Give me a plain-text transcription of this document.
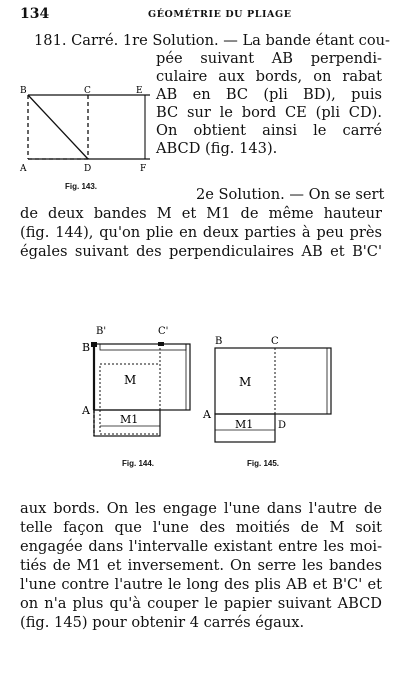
134	GÉOMÉTRIE DU PLIAGE
181. Carré. 1re Solution. — La bande étant cou-
pée suivant AB perpendi-
culaire aux bords, on rabat
AB en BC (pli BD), puis
BC sur le bord CE (pli CD).
On obtient ainsi le carré
ABCD (fig. 143).
B	C	E
A	D	F
Fig. 143.	2e Solution. — On se sert
de deux bandes M et M1 de même hauteur
(fig. 144), qu'on plie en deux parties à peu près
égales suivant des perpendiculaires AB et B'C'
B'	C'
B
M
A
M1
Fig. 144.
B	C
M
A
M1 D
Fig. 145.
aux bords. On les engage l'une dans l'autre de
telle façon que l'une des moitiés de M soit
engagée dans l'intervalle existant entre les moi-
tiés de M1 et inversement. On serre les bandes
l'une contre l'autre le long des plis AB et B'C' et
on n'a plus qu'à couper le papier suivant ABCD
(fig. 145) pour obtenir 4 carrés égaux.
